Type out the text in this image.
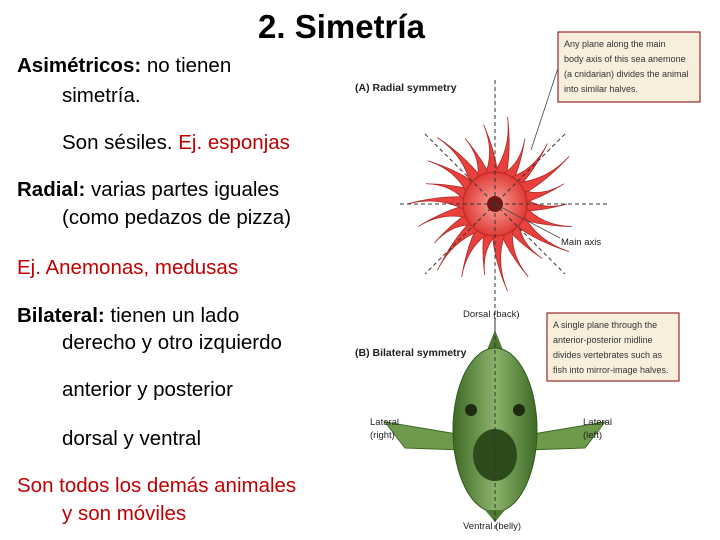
2. Simetría
Asimétricos: no tienen
simetría.
Son sésiles. Ej. esponjas
Radial: varias partes iguales
(como pedazos de pizza)
Ej. Anemonas, medusas
Bilateral: tienen un lado
derecho y otro izquierdo
anterior y posterior
dorsal y ventral
Son todos los demás animales
y son móviles
(A) Radial symmetry
Any plane along the main
body axis of this sea anemone
(a cnidarian) divides the animal
into similar halves.
Main axis
(B) Bilateral symmetry
Dorsal (back)
A single plane through the
anterior-posterior midline
divides vertebrates such as
fish into mirror-image halves.
Lateral
(right)
Lateral
(left)
Ventral (belly)
